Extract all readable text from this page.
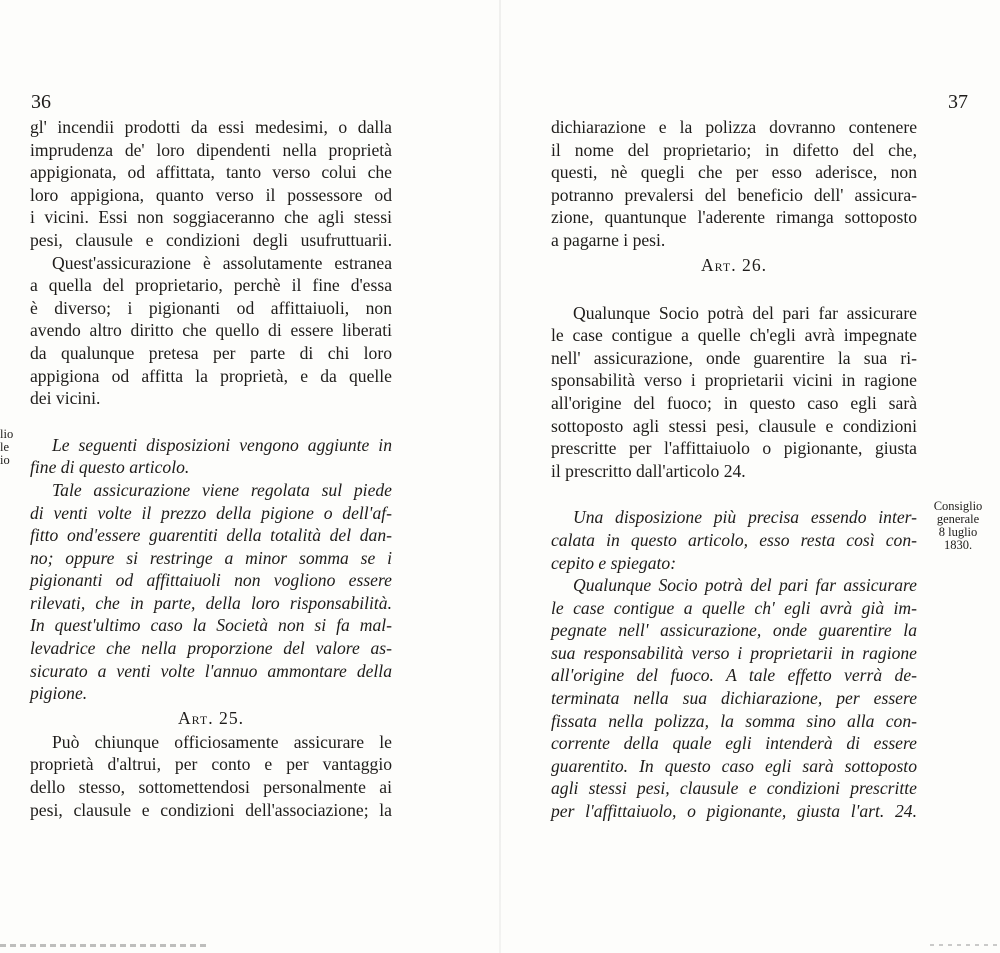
36
gl' incendii prodotti da essi medesimi, o dalla
imprudenza de' loro dipendenti nella proprietà
appigionata, od affittata, tanto verso colui che
loro appigiona, quanto verso il possessore od
i vicini. Essi non soggiaceranno che agli stessi
pesi, clausule e condizioni degli usufruttuarii.
Quest'assicurazione è assolutamente estranea
a quella del proprietario, perchè il fine d'essa
è diverso; i pigionanti od affittaiuoli, non
avendo altro diritto che quello di essere liberati
da qualunque pretesa per parte di chi loro
appigiona od affitta la proprietà, e da quelle
dei vicini.
Le seguenti disposizioni vengono aggiunte in
fine di questo articolo.
Tale assicurazione viene regolata sul piede
di venti volte il prezzo della pigione o dell'af-
fitto ond'essere guarentiti della totalità del dan-
no; oppure si restringe a minor somma se i
pigionanti od affittaiuoli non vogliono essere
rilevati, che in parte, della loro risponsabilità.
In quest'ultimo caso la Società non si fa mal-
levadrice che nella proporzione del valore as-
sicurato a venti volte l'annuo ammontare della
pigione.
Art. 25.
Può chiunque officiosamente assicurare le
proprietà d'altrui, per conto e per vantaggio
dello stesso, sottomettendosi personalmente ai
pesi, clausule e condizioni dell'associazione; la
lio
le
io
37
dichiarazione e la polizza dovranno contenere
il nome del proprietario; in difetto del che,
questi, nè quegli che per esso aderisce, non
potranno prevalersi del beneficio dell' assicura-
zione, quantunque l'aderente rimanga sottoposto
a pagarne i pesi.
Art. 26.
Qualunque Socio potrà del pari far assicurare
le case contigue a quelle ch'egli avrà impegnate
nell' assicurazione, onde guarentire la sua ri-
sponsabilità verso i proprietarii vicini in ragione
all'origine del fuoco; in questo caso egli sarà
sottoposto agli stessi pesi, clausule e condizioni
prescritte per l'affittaiuolo o pigionante, giusta
il prescritto dall'articolo 24.
Una disposizione più precisa essendo inter-
calata in questo articolo, esso resta così con-
cepito e spiegato:
Qualunque Socio potrà del pari far assicurare
le case contigue a quelle ch' egli avrà già im-
pegnate nell' assicurazione, onde guarentire la
sua responsabilità verso i proprietarii in ragione
all'origine del fuoco. A tale effetto verrà de-
terminata nella sua dichiarazione, per essere
fissata nella polizza, la somma sino alla con-
corrente della quale egli intenderà di essere
guarentito. In questo caso egli sarà sottoposto
agli stessi pesi, clausule e condizioni prescritte
per l'affittaiuolo, o pigionante, giusta l'art. 24.
Consiglio
generale
8 luglio
1830.
